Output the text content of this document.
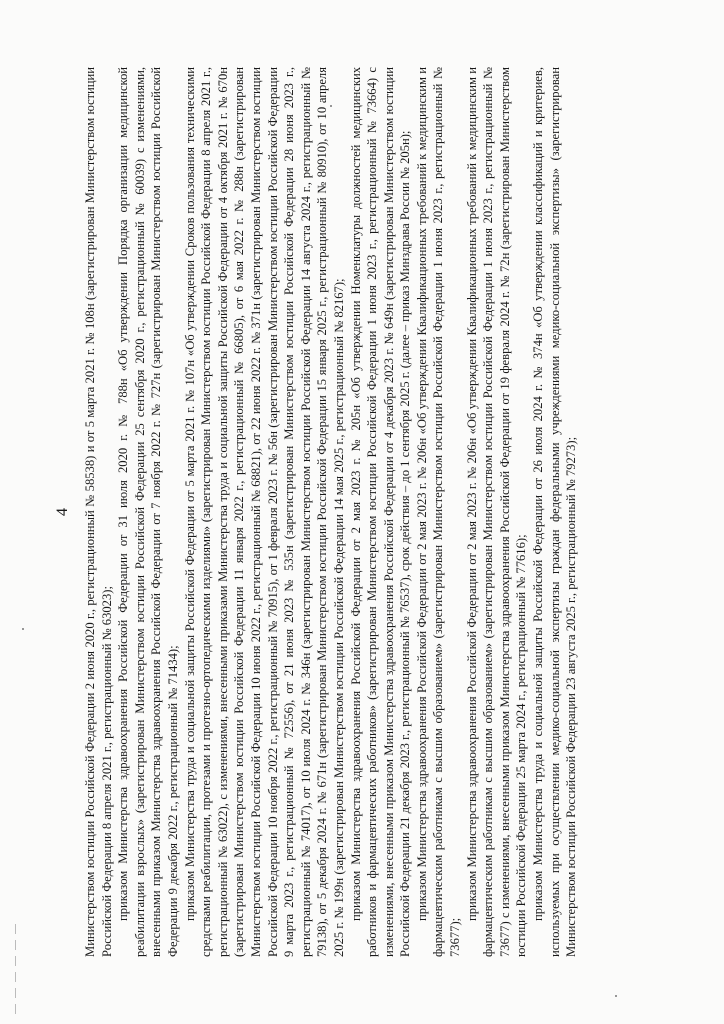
4 Министерством юстиции Российской Федерации 2 июня 2020 г., регистрационный № 58538) и от 5 марта 2021 г. № 108н (зарегистрирован Министерством юстиции Российской Федерации 8 апреля 2021 г., регистрационный № 63023); приказом Министерства здравоохранения Российской Федерации от 31 июля 2020 г. № 788н «Об утверждении Порядка организации медицинской реабилитации взрослых» (зарегистрирован Министерством юстиции Российской Федерации 25 сентября 2020 г., регистрационный № 60039) с изменениями, внесенными приказом Министерства здравоохранения Российской Федерации от 7 ноября 2022 г. № 727н (зарегистрирован Министерством юстиции Российской Федерации 9 декабря 2022 г., регистрационный № 71434); приказом Министерства труда и социальной защиты Российской Федерации от 5 марта 2021 г. № 107н «Об утверждении Сроков пользования техническими средствами реабилитации, протезами и протезно-ортопедическими изделиями» (зарегистрирован Министерством юстиции Российской Федерации 8 апреля 2021 г., регистрационный № 63022), с изменениями, внесенными приказами Министерства труда и социальной защиты Российской Федерации от 4 октября 2021 г. № 670н (зарегистрирован Министерством юстиции Российской Федерации 11 января 2022 г., регистрационный № 66805), от 6 мая 2022 г. № 288н (зарегистрирован Министерством юстиции Российской Федерации 10 июня 2022 г., регистрационный № 68821), от 22 июня 2022 г. № 371н (зарегистрирован Министерством юстиции Российской Федерации 10 ноября 2022 г., регистрационный № 70915), от 1 февраля 2023 г. № 56н (зарегистрирован Министерством юстиции Российской Федерации 9 марта 2023 г., регистрационный № 72556), от 21 июня 2023 № 535н (зарегистрирован Министерством юстиции Российской Федерации 28 июня 2023 г., регистрационный № 74017), от 10 июля 2024 г. № 346н (зарегистрирован Министерством юстиции Российской Федерации 14 августа 2024 г., регистрационный № 79138), от 5 декабря 2024 г. № 671н (зарегистрирован Министерством юстиции Российской Федерации 15 января 2025 г., регистрационный № 80910), от 10 апреля 2025 г. № 199н (зарегистрирован Министерством юстиции Российской Федерации 14 мая 2025 г., регистрационный № 82167); приказом Министерства здравоохранения Российской Федерации от 2 мая 2023 г. № 205н «Об утверждении Номенклатуры должностей медицинских работников и фармацевтических работников» (зарегистрирован Министерством юстиции Российской Федерации 1 июня 2023 г., регистрационный № 73664) с изменениями, внесенными приказом Министерства здравоохранения Российской Федерации от 4 декабря 2023 г. № 649н (зарегистрирован Министерством юстиции Российской Федерации 21 декабря 2023 г., регистрационный № 76537), срок действия – до 1 сентября 2025 г. (далее – приказ Минздрава России № 205н); приказом Министерства здравоохранения Российской Федерации от 2 мая 2023 г. № 206н «Об утверждении Квалификационных требований к медицинским и фармацевтическим работникам с высшим образованием» (зарегистрирован Министерством юстиции Российской Федерации 1 июня 2023 г., регистрационный № 73677);

приказом Министерства здравоохранения Российской Федерации от 2 мая 2023 г. № 206н «Об утверждении Квалификационных требований к медицинским и фармацевтическим работникам с высшим образованием» (зарегистрирован Министерством юстиции Российской Федерации 1 июня 2023 г., регистрационный № 73677) с изменениями, внесенными приказом Министерства здравоохранения Российской Федерации от 19 февраля 2024 г. № 72н (зарегистрирован Министерством юстиции Российской Федерации 25 марта 2024 г., регистрационный № 77616); приказом Министерства труда и социальной защиты Российской Федерации от 26 июля 2024 г. № 374н «Об утверждении классификаций и критериев, используемых при осуществлении медико-социальной экспертизы граждан федеральными учреждениями медико-социальной экспертизы» (зарегистрирован Министерством юстиции Российской Федерации 23 августа 2025 г., регистрационный № 79273);
